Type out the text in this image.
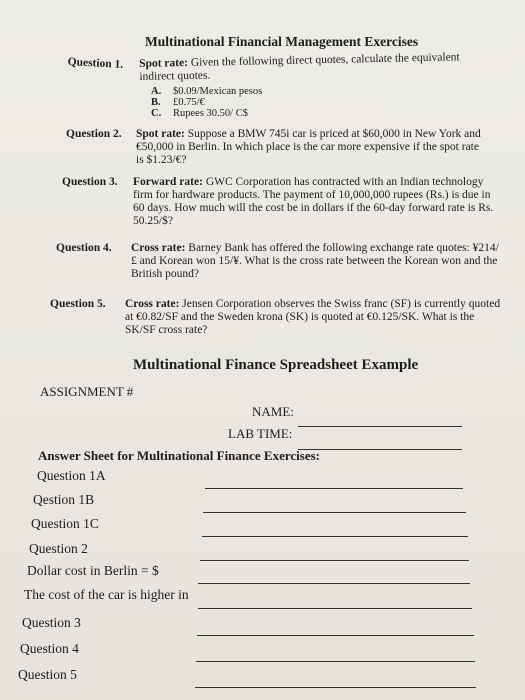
Multinational Financial Management Exercises
Question 1. Spot rate: Given the following direct quotes, calculate the equivalent indirect quotes.
A. $0.09/Mexican pesos
B. £0.75/€
C. Rupees 30.50/ C$
Question 2. Spot rate: Suppose a BMW 745i car is priced at $60,000 in New York and €50,000 in Berlin. In which place is the car more expensive if the spot rate is $1.23/€?
Question 3. Forward rate: GWC Corporation has contracted with an Indian technology firm for hardware products. The payment of 10,000,000 rupees (Rs.) is due in 60 days. How much will the cost be in dollars if the 60-day forward rate is Rs. 50.25/$?
Question 4. Cross rate: Barney Bank has offered the following exchange rate quotes: ¥214/£ and Korean won 15/¥. What is the cross rate between the Korean won and the British pound?
Question 5. Cross rate: Jensen Corporation observes the Swiss franc (SF) is currently quoted at €0.82/SF and the Sweden krona (SK) is quoted at €0.125/SK. What is the SK/SF cross rate?
Multinational Finance Spreadsheet Example
ASSIGNMENT #
NAME:
LAB TIME:
Answer Sheet for Multinational Finance Exercises:
Question 1A
Qestion 1B
Question 1C
Question 2
Dollar cost in Berlin = $
The cost of the car is higher in
Question 3
Question 4
Question 5
